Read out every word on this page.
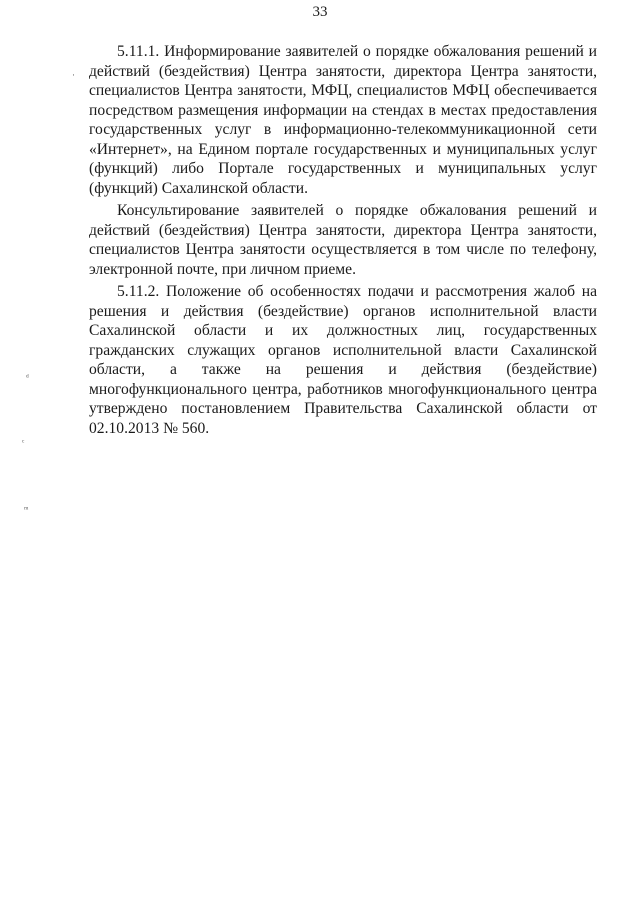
33

5.11.1. Информирование заявителей о порядке обжалования решений и действий (бездействия) Центра занятости, директора Центра занятости, специалистов Центра занятости, МФЦ, специалистов МФЦ обеспечивается посредством размещения информации на стендах в местах предоставления государственных услуг в информационно-телекоммуникационной сети «Интернет», на Едином портале государственных и муниципальных услуг (функций) либо Портале государственных и муниципальных услуг (функций) Сахалинской области.

Консультирование заявителей о порядке обжалования решений и действий (бездействия) Центра занятости, директора Центра занятости, специалистов Центра занятости осуществляется в том числе по телефону, электронной почте, при личном приеме.

5.11.2. Положение об особенностях подачи и рассмотрения жалоб на решения и действия (бездействие) органов исполнительной власти Сахалинской области и их должностных лиц, государственных гражданских служащих органов исполнительной власти Сахалинской области, а также на решения и действия (бездействие) многофункционального центра, работников многофункционального центра утверждено постановлением Правительства Сахалинской области от 02.10.2013 № 560.

·
ᵈ
ᶜ
ᵐ
